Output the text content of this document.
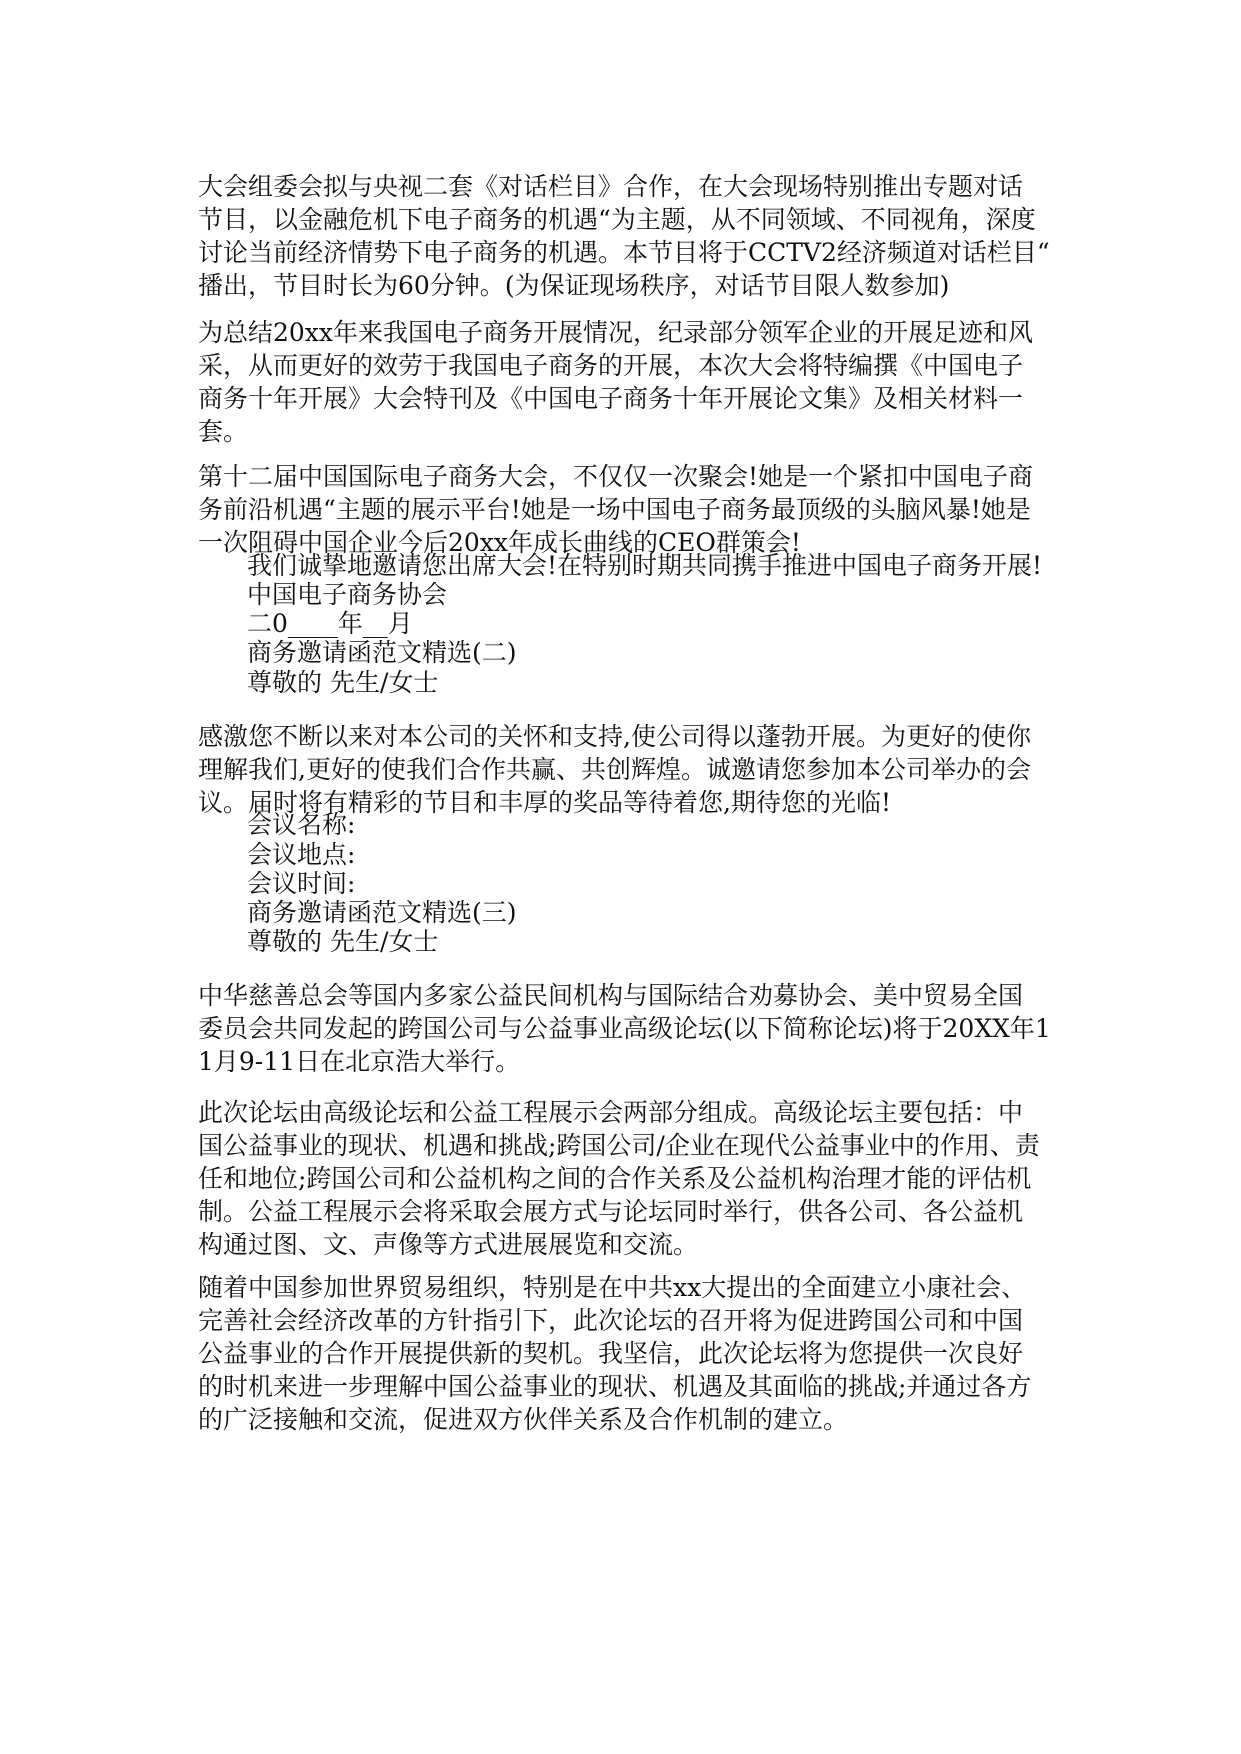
大会组委会拟与央视二套《对话栏目》合作，在大会现场特别推出专题对话
节目，以金融危机下电子商务的机遇“为主题，从不同领域、不同视角，深度
讨论当前经济情势下电子商务的机遇。本节目将于CCTV2经济频道对话栏目“
播出，节目时长为60分钟。(为保证现场秩序，对话节目限人数参加)
为总结20xx年来我国电子商务开展情况，纪录部分领军企业的开展足迹和风
采，从而更好的效劳于我国电子商务的开展，本次大会将特编撰《中国电子
商务十年开展》大会特刊及《中国电子商务十年开展论文集》及相关材料一
套。
第十二届中国国际电子商务大会，不仅仅一次聚会!她是一个紧扣中国电子商
务前沿机遇“主题的展示平台!她是一场中国电子商务最顶级的头脑风暴!她是
一次阻碍中国企业今后20xx年成长曲线的CEO群策会!
我们诚挚地邀请您出席大会!在特别时期共同携手推进中国电子商务开展!
中国电子商务协会
二0____年__月
商务邀请函范文精选(二)
尊敬的 先生/女士
感激您不断以来对本公司的关怀和支持,使公司得以蓬勃开展。为更好的使你
理解我们,更好的使我们合作共赢、共创辉煌。诚邀请您参加本公司举办的会
议。届时将有精彩的节目和丰厚的奖品等待着您,期待您的光临!
会议名称:
会议地点:
会议时间:
商务邀请函范文精选(三)
尊敬的 先生/女士
中华慈善总会等国内多家公益民间机构与国际结合劝募协会、美中贸易全国
委员会共同发起的跨国公司与公益事业高级论坛(以下简称论坛)将于20XX年1
1月9-11日在北京浩大举行。
此次论坛由高级论坛和公益工程展示会两部分组成。高级论坛主要包括：中
国公益事业的现状、机遇和挑战;跨国公司/企业在现代公益事业中的作用、责
任和地位;跨国公司和公益机构之间的合作关系及公益机构治理才能的评估机
制。公益工程展示会将采取会展方式与论坛同时举行，供各公司、各公益机
构通过图、文、声像等方式进展展览和交流。
随着中国参加世界贸易组织，特别是在中共xx大提出的全面建立小康社会、
完善社会经济改革的方针指引下，此次论坛的召开将为促进跨国公司和中国
公益事业的合作开展提供新的契机。我坚信，此次论坛将为您提供一次良好
的时机来进一步理解中国公益事业的现状、机遇及其面临的挑战;并通过各方
的广泛接触和交流，促进双方伙伴关系及合作机制的建立。
